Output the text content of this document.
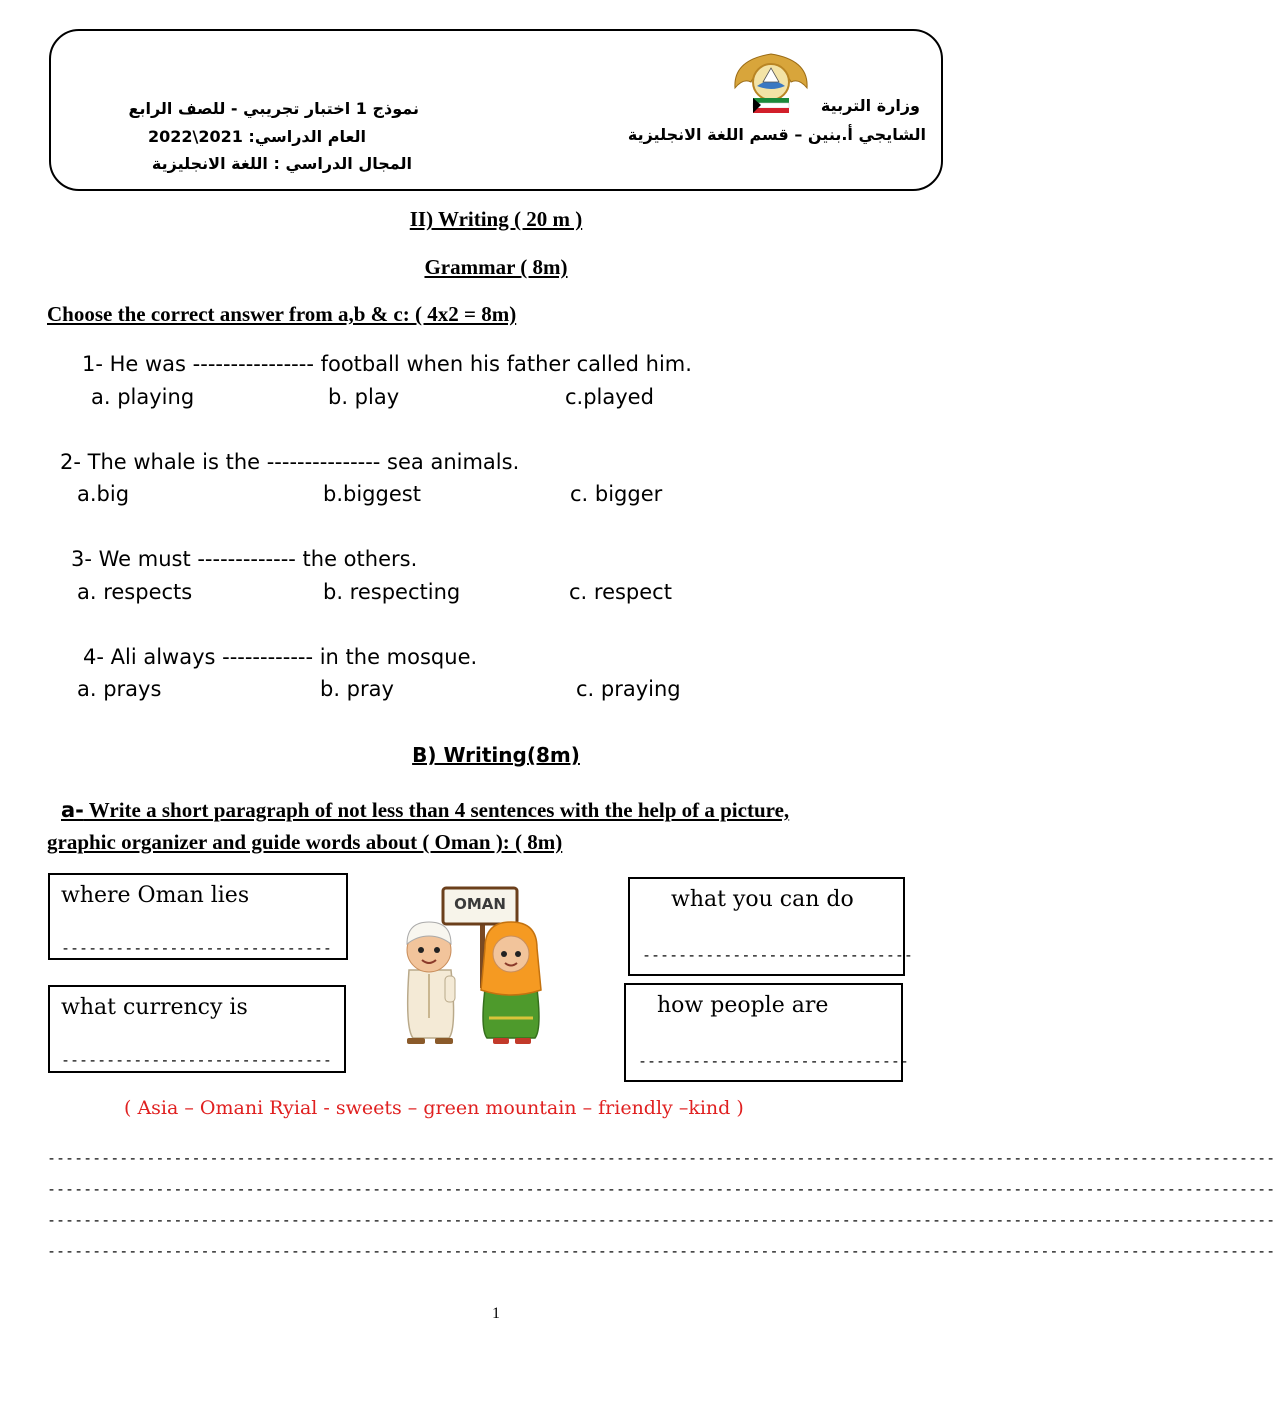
وزارة التربية
الشايجي أ.بنين – قسم اللغة الانجليزية
نموذج 1 اختبار تجريبي - للصف الرابع
العام الدراسي: 2021\2022
المجال الدراسي : اللغة الانجليزية
II) Writing ( 20 m )
Grammar ( 8m)
Choose the correct answer from a,b & c: ( 4x2 = 8m)
1- He was ---------------- football when his father called him.
a. playing	b. play	c.played
2- The whale is the --------------- sea animals.
a.big	b.biggest	c. bigger
3- We must ------------- the others.
a. respects	b. respecting	c. respect
4- Ali always ------------ in the mosque.
a. prays	b. pray	c. praying
B) Writing(8m)
a- Write a short paragraph of not less than 4 sentences with the help of a picture,
graphic organizer and guide words about ( Oman ): ( 8m)
where Oman lies
------------------------------
what currency is
------------------------------
what you can do
------------------------------
how people are
------------------------------
OMAN
( Asia – Omani Ryial - sweets – green mountain – friendly –kind )
----------------------------------------------------------------------------------------------------------------------------------------
----------------------------------------------------------------------------------------------------------------------------------------
----------------------------------------------------------------------------------------------------------------------------------------
----------------------------------------------------------------------------------------------------------------------------------------
1
